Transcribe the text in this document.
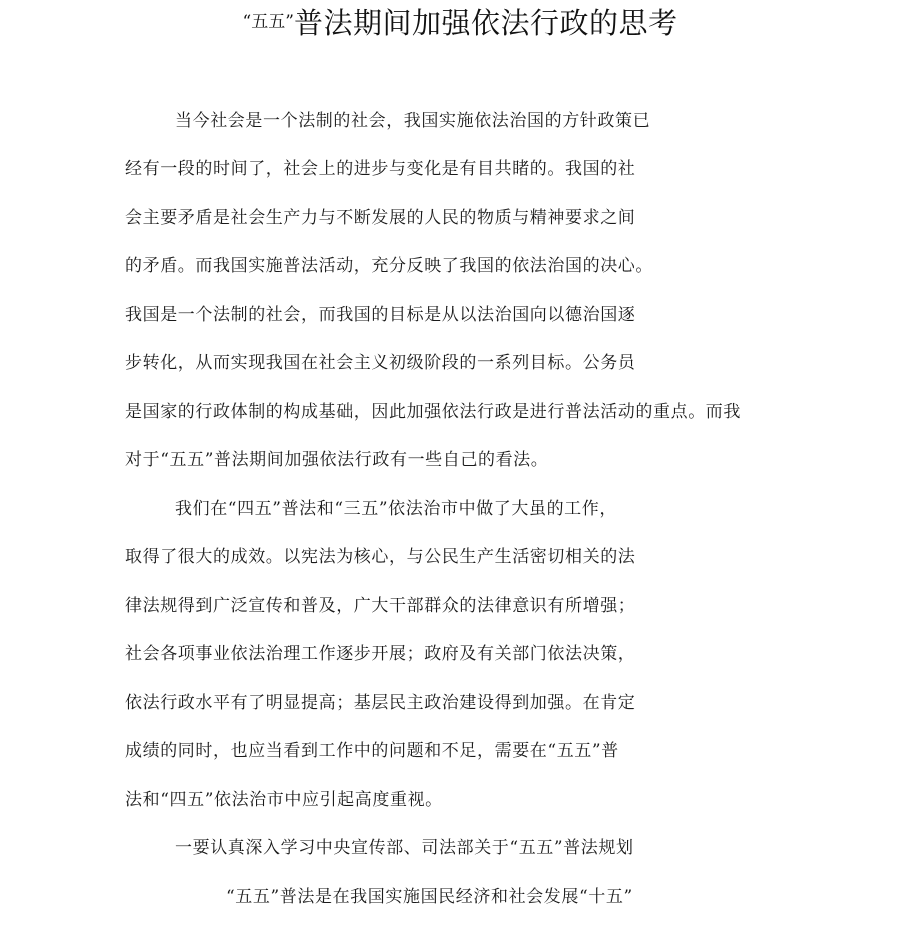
$^{“五五”}$普法期间加强依法行政的思考
当今社会是一个法制的社会，我国实施依法治国的方针政策已
经有一段的时间了，社会上的进步与变化是有目共睹的。我国的社
会主要矛盾是社会生产力与不断发展的人民的物质与精神要求之间
的矛盾。而我国实施普法活动，充分反映了我国的依法治国的决心。
我国是一个法制的社会，而我国的目标是从以法治国向以德治国逐
步转化，从而实现我国在社会主义初级阶段的一系列目标。公务员
是国家的行政体制的构成基础，因此加强依法行政是进行普法活动的重点。而我
对于“五五”普法期间加强依法行政有一些自己的看法。
我们在“四五”普法和“三五”依法治市中做了大虽的工作，
取得了很大的成效。以宪法为核心，与公民生产生活密切相关的法
律法规得到广泛宣传和普及，广大干部群众的法律意识有所增强；
社会各项事业依法治理工作逐步开展；政府及有关部门依法决策，
依法行政水平有了明显提高；基层民主政治建设得到加强。在肯定
成绩的同时，也应当看到工作中的问题和不足，需要在“五五”普
法和“四五”依法治市中应引起高度重视。
一要认真深入学习中央宣传部、司法部关于“五五”普法规划
“五五”普法是在我国实施国民经济和社会发展“十五”
